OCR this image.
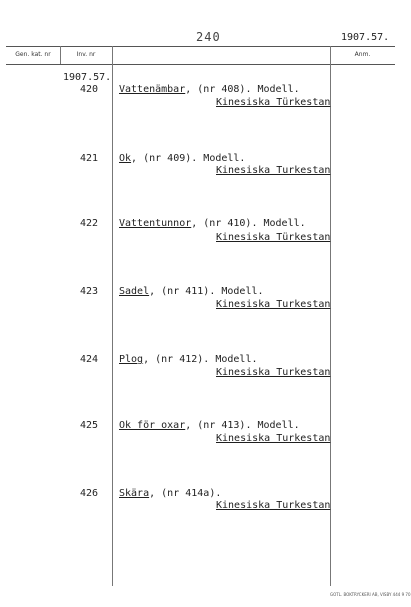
240	1907.57.
Gen. kat. nr	Inv. nr	Anm.
1907.57.
420 Vattenämbar, (nr 408). Modell.
Kinesiska Türkestan
421 Ok, (nr 409). Modell.
Kinesiska Turkestan
422 Vattentunnor, (nr 410). Modell.
Kinesiska Türkestan
423 Sadel, (nr 411). Modell.
Kinesiska Turkestan
424 Plog, (nr 412). Modell.
Kinesiska Turkestan
425 Ok för oxar, (nr 413). Modell.
Kinesiska Turkestan
426 Skära, (nr 414a).
Kinesiska Turkestan
GOTL. BOKTRYCKERI AB, VISBY 444 9 70
